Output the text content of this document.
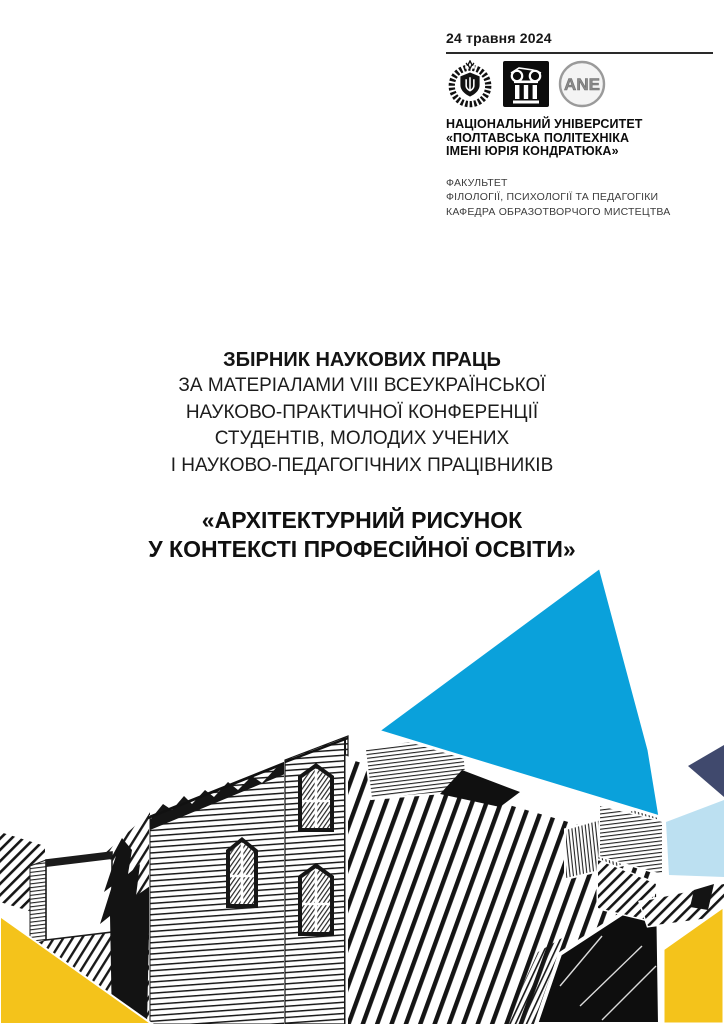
24 травня 2024
ANE
НАЦІОНАЛЬНИЙ УНІВЕРСИТЕТ
«ПОЛТАВСЬКА ПОЛІТЕХНІКА
ІМЕНІ ЮРІЯ КОНДРАТЮКА»
ФАКУЛЬТЕТ
ФІЛОЛОГІЇ, ПСИХОЛОГІЇ ТА ПЕДАГОГІКИ
КАФЕДРА ОБРАЗОТВОРЧОГО МИСТЕЦТВА
ЗБІРНИК НАУКОВИХ ПРАЦЬ
ЗА МАТЕРІАЛАМИ VIII ВСЕУКРАЇНСЬКОЇ
НАУКОВО-ПРАКТИЧНОЇ КОНФЕРЕНЦІЇ
СТУДЕНТІВ, МОЛОДИХ УЧЕНИХ
І НАУКОВО-ПЕДАГОГІЧНИХ ПРАЦІВНИКІВ
«АРХІТЕКТУРНИЙ РИСУНОК
У КОНТЕКСТІ ПРОФЕСІЙНОЇ ОСВІТИ»
